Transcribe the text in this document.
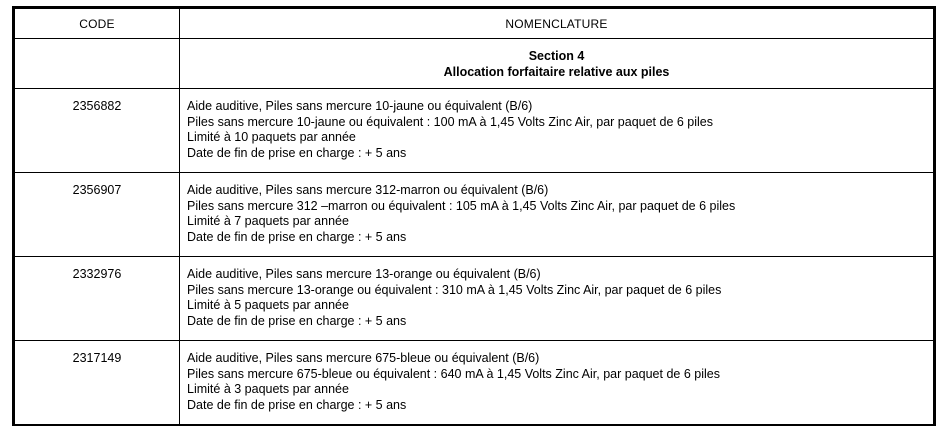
CODE	NOMENCLATURE

	Section 4
Allocation forfaitaire relative aux piles

2356882	Aide auditive, Piles sans mercure 10-jaune ou équivalent (B/6)
Piles sans mercure 10-jaune ou équivalent : 100 mA à 1,45 Volts Zinc Air, par paquet de 6 piles
Limité à 10 paquets par année
Date de fin de prise en charge : + 5 ans

2356907	Aide auditive, Piles sans mercure 312-marron ou équivalent (B/6)
Piles sans mercure 312 –marron ou équivalent : 105 mA à 1,45 Volts Zinc Air, par paquet de 6 piles
Limité à 7 paquets par année
Date de fin de prise en charge : + 5 ans

2332976	Aide auditive, Piles sans mercure 13-orange ou équivalent (B/6)
Piles sans mercure 13-orange ou équivalent : 310 mA à 1,45 Volts Zinc Air, par paquet de 6 piles
Limité à 5 paquets par année
Date de fin de prise en charge : + 5 ans

2317149	Aide auditive, Piles sans mercure 675-bleue ou équivalent (B/6)
Piles sans mercure 675-bleue ou équivalent : 640 mA à 1,45 Volts Zinc Air, par paquet de 6 piles
Limité à 3 paquets par année
Date de fin de prise en charge : + 5 ans
